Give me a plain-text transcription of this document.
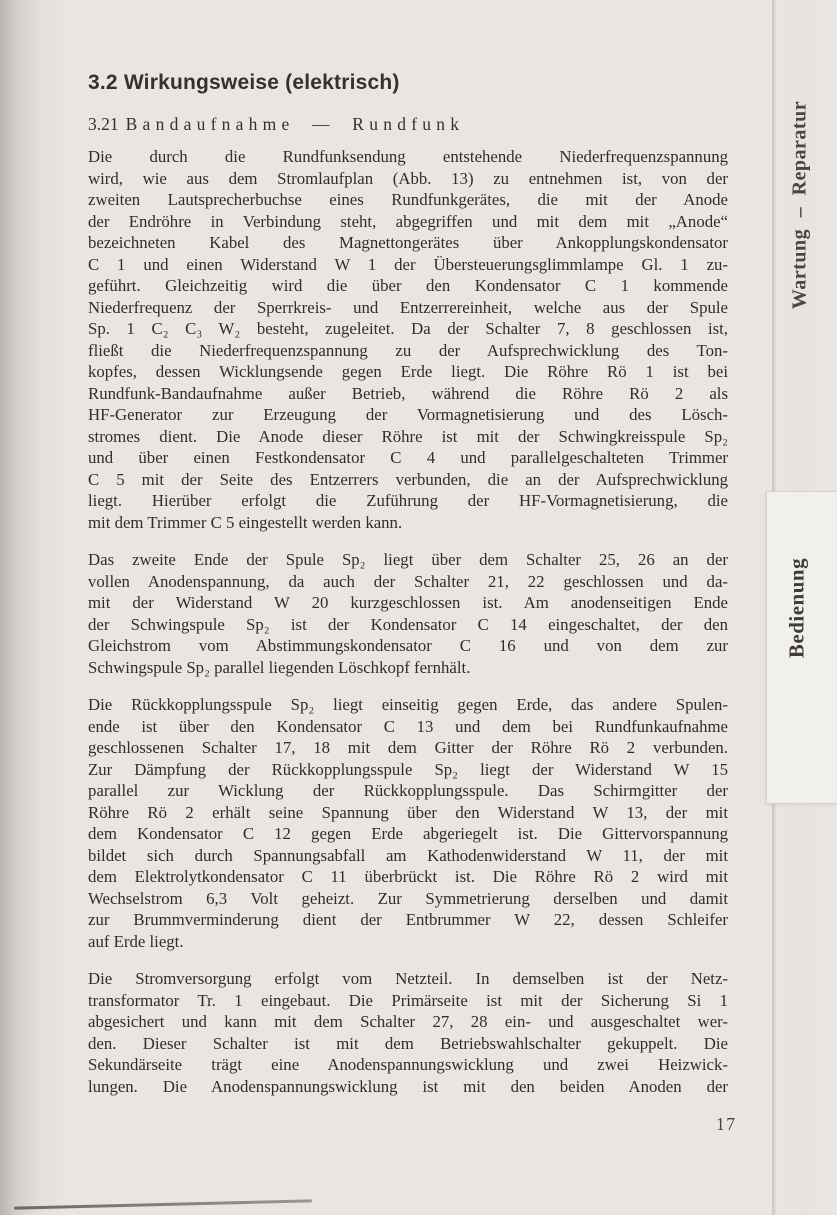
Wartung – Reparatur
Bedienung
3.2 Wirkungsweise (elektrisch)
3.21 Bandaufnahme — Rundfunk
Die durch die Rundfunksendung entstehende Niederfrequenzspannung
wird, wie aus dem Stromlaufplan (Abb. 13) zu entnehmen ist, von der
zweiten Lautsprecherbuchse eines Rundfunkgerätes, die mit der Anode
der Endröhre in Verbindung steht, abgegriffen und mit dem mit „Anode“
bezeichneten Kabel des Magnettongerätes über Ankopplungskondensator
C 1 und einen Widerstand W 1 der Übersteuerungsglimmlampe Gl. 1 zu-
geführt. Gleichzeitig wird die über den Kondensator C 1 kommende
Niederfrequenz der Sperrkreis- und Entzerrereinheit, welche aus der Spule
Sp. 1 C₂ C₃ W₂ besteht, zugeleitet. Da der Schalter 7, 8 geschlossen ist,
fließt die Niederfrequenzspannung zu der Aufsprechwicklung des Ton-
kopfes, dessen Wicklungsende gegen Erde liegt. Die Röhre Rö 1 ist bei
Rundfunk-Bandaufnahme außer Betrieb, während die Röhre Rö 2 als
HF-Generator zur Erzeugung der Vormagnetisierung und des Lösch-
stromes dient. Die Anode dieser Röhre ist mit der Schwingkreisspule Sp₂
und über einen Festkondensator C 4 und parallelgeschalteten Trimmer
C 5 mit der Seite des Entzerrers verbunden, die an der Aufsprechwicklung
liegt. Hierüber erfolgt die Zuführung der HF-Vormagnetisierung, die
mit dem Trimmer C 5 eingestellt werden kann.
Das zweite Ende der Spule Sp₂ liegt über dem Schalter 25, 26 an der
vollen Anodenspannung, da auch der Schalter 21, 22 geschlossen und da-
mit der Widerstand W 20 kurzgeschlossen ist. Am anodenseitigen Ende
der Schwingspule Sp₂ ist der Kondensator C 14 eingeschaltet, der den
Gleichstrom vom Abstimmungskondensator C 16 und von dem zur
Schwingspule Sp₂ parallel liegenden Löschkopf fernhält.
Die Rückkopplungsspule Sp₂ liegt einseitig gegen Erde, das andere Spulen-
ende ist über den Kondensator C 13 und dem bei Rundfunkaufnahme
geschlossenen Schalter 17, 18 mit dem Gitter der Röhre Rö 2 verbunden.
Zur Dämpfung der Rückkopplungsspule Sp₂ liegt der Widerstand W 15
parallel zur Wicklung der Rückkopplungsspule. Das Schirmgitter der
Röhre Rö 2 erhält seine Spannung über den Widerstand W 13, der mit
dem Kondensator C 12 gegen Erde abgeriegelt ist. Die Gittervorspannung
bildet sich durch Spannungsabfall am Kathodenwiderstand W 11, der mit
dem Elektrolytkondensator C 11 überbrückt ist. Die Röhre Rö 2 wird mit
Wechselstrom 6,3 Volt geheizt. Zur Symmetrierung derselben und damit
zur Brummverminderung dient der Entbrummer W 22, dessen Schleifer
auf Erde liegt.
Die Stromversorgung erfolgt vom Netzteil. In demselben ist der Netz-
transformator Tr. 1 eingebaut. Die Primärseite ist mit der Sicherung Si 1
abgesichert und kann mit dem Schalter 27, 28 ein- und ausgeschaltet wer-
den. Dieser Schalter ist mit dem Betriebswahlschalter gekuppelt. Die
Sekundärseite trägt eine Anodenspannungswicklung und zwei Heizwick-
lungen. Die Anodenspannungswicklung ist mit den beiden Anoden der
17
